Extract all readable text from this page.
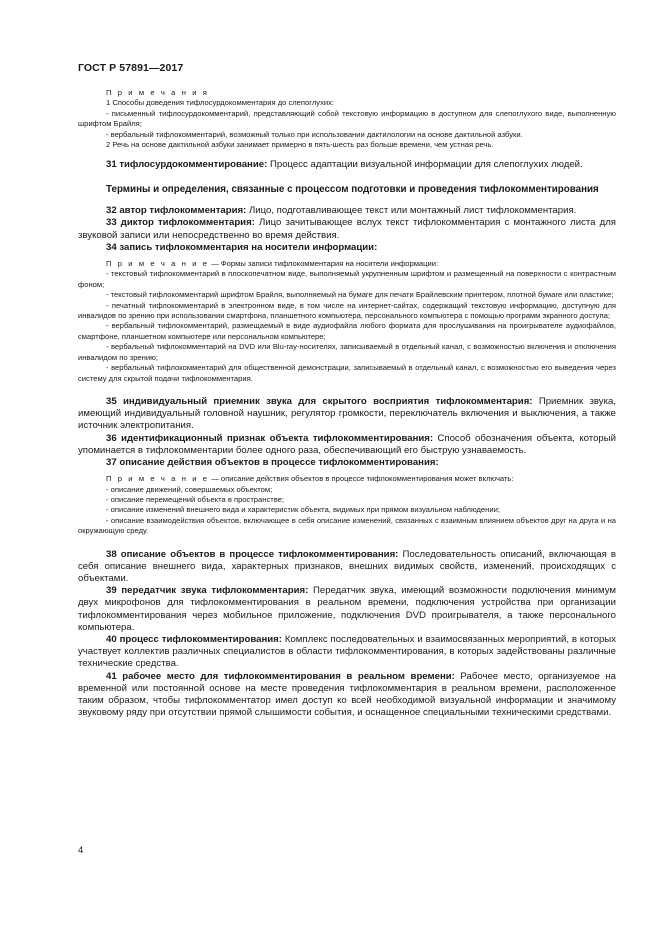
ГОСТ Р 57891—2017

П р и м е ч а н и я

1 Способы доведения тифлосурдокомментария до слепоглухих:

- письменный тифлосурдокомментарий, представляющий собой текстовую информацию в доступном для слепоглухого виде, выполненную шрифтом Брайля;

- вербальный тифлокомментарий, возможный только при использовании дактилологии на основе дактильной азбуки.

2 Речь на основе дактильной азбуки занимает примерно в пять-шесть раз больше времени, чем устная речь.

31 тифлосурдокомментирование: Процесс адаптации визуальной информации для слепоглухих людей.

Термины и определения, связанные с процессом подготовки и проведения тифлокомментирования

32 автор тифлокомментария: Лицо, подготавливающее текст или монтажный лист тифлокомментария.

33 диктор тифлокомментария: Лицо зачитывающее вслух текст тифлокомментария с монтажного листа для звуковой записи или непосредственно во время действия.

34 запись тифлокомментария на носители информации:

П р и м е ч а н и е — Формы записи тифлокомментария на носители информации:

- текстовый тифлокомментарий в плоскопечатном виде, выполняемый укрупненным шрифтом и размещенный на поверхности с контрастным фоном;

- текстовый тифлокомментарий шрифтом Брайля, выполняемый на бумаге для печати Брайлевским принтером, плотной бумаге или пластике;

- печатный тифлокомментарий в электронном виде, в том числе на интернет-сайтах, содержащий текстовую информацию, доступную для инвалидов по зрению при использовании смартфона, планшетного компьютера, персонального компьютера с помощью программ экранного доступа;

- вербальный тифлокомментарий, размещаемый в виде аудиофайла любого формата для прослушивания на проигрывателе аудиофайлов, смартфоне, планшетном компьютере или персональном компьютере;

- вербальный тифлокомментарий на DVD или Blu-ray-носителях, записываемый в отдельный канал, с возможностью включения и отключения инвалидом по зрению;

- вербальный тифлокомментарий для общественной демонстрации, записываемый в отдельный канал, с возможностью его выведения через систему для скрытой подачи тифлокомментария.

35 индивидуальный приемник звука для скрытого восприятия тифлокомментария: Приемник звука, имеющий индивидуальный головной наушник, регулятор громкости, переключатель включения и выключения, а также источник электропитания.

36 идентификационный признак объекта тифлокомментирования: Способ обозначения объекта, который упоминается в тифлокомментарии более одного раза, обеспечивающий его быструю узнаваемость.

37 описание действия объектов в процессе тифлокомментирования:

П р и м е ч а н и е — описание действия объектов в процессе тифлокомментирования может включать:

- описание движений, совершаемых объектом;

- описание перемещений объекта в пространстве;

- описание изменений внешнего вида и характеристик объекта, видимых при прямом визуальном наблюдении;

- описание взаимодействия объектов, включающее в себя описание изменений, связанных с взаимным влиянием объектов друг на друга и на окружающую среду.

38 описание объектов в процессе тифлокомментирования: Последовательность описаний, включающая в себя описание внешнего вида, характерных признаков, внешних видимых свойств, изменений, происходящих с объектами.

39 передатчик звука тифлокомментария: Передатчик звука, имеющий возможности подключения минимум двух микрофонов для тифлокомментирования в реальном времени, подключения устройства при организации тифлокомментирования через мобильное приложение, подключения DVD проигрывателя, а также персонального компьютера.

40 процесс тифлокомментирования: Комплекс последовательных и взаимосвязанных мероприятий, в которых участвует коллектив различных специалистов в области тифлокомментирования, в которых задействованы различные технические средства.

41 рабочее место для тифлокомментирования в реальном времени: Рабочее место, организуемое на временной или постоянной основе на месте проведения тифлокомментария в реальном времени, расположенное таким образом, чтобы тифлокомментатор имел доступ ко всей необходимой визуальной информации и значимому звуковому ряду при отсутствии прямой слышимости события, и оснащенное специальными техническими средствами.

4
